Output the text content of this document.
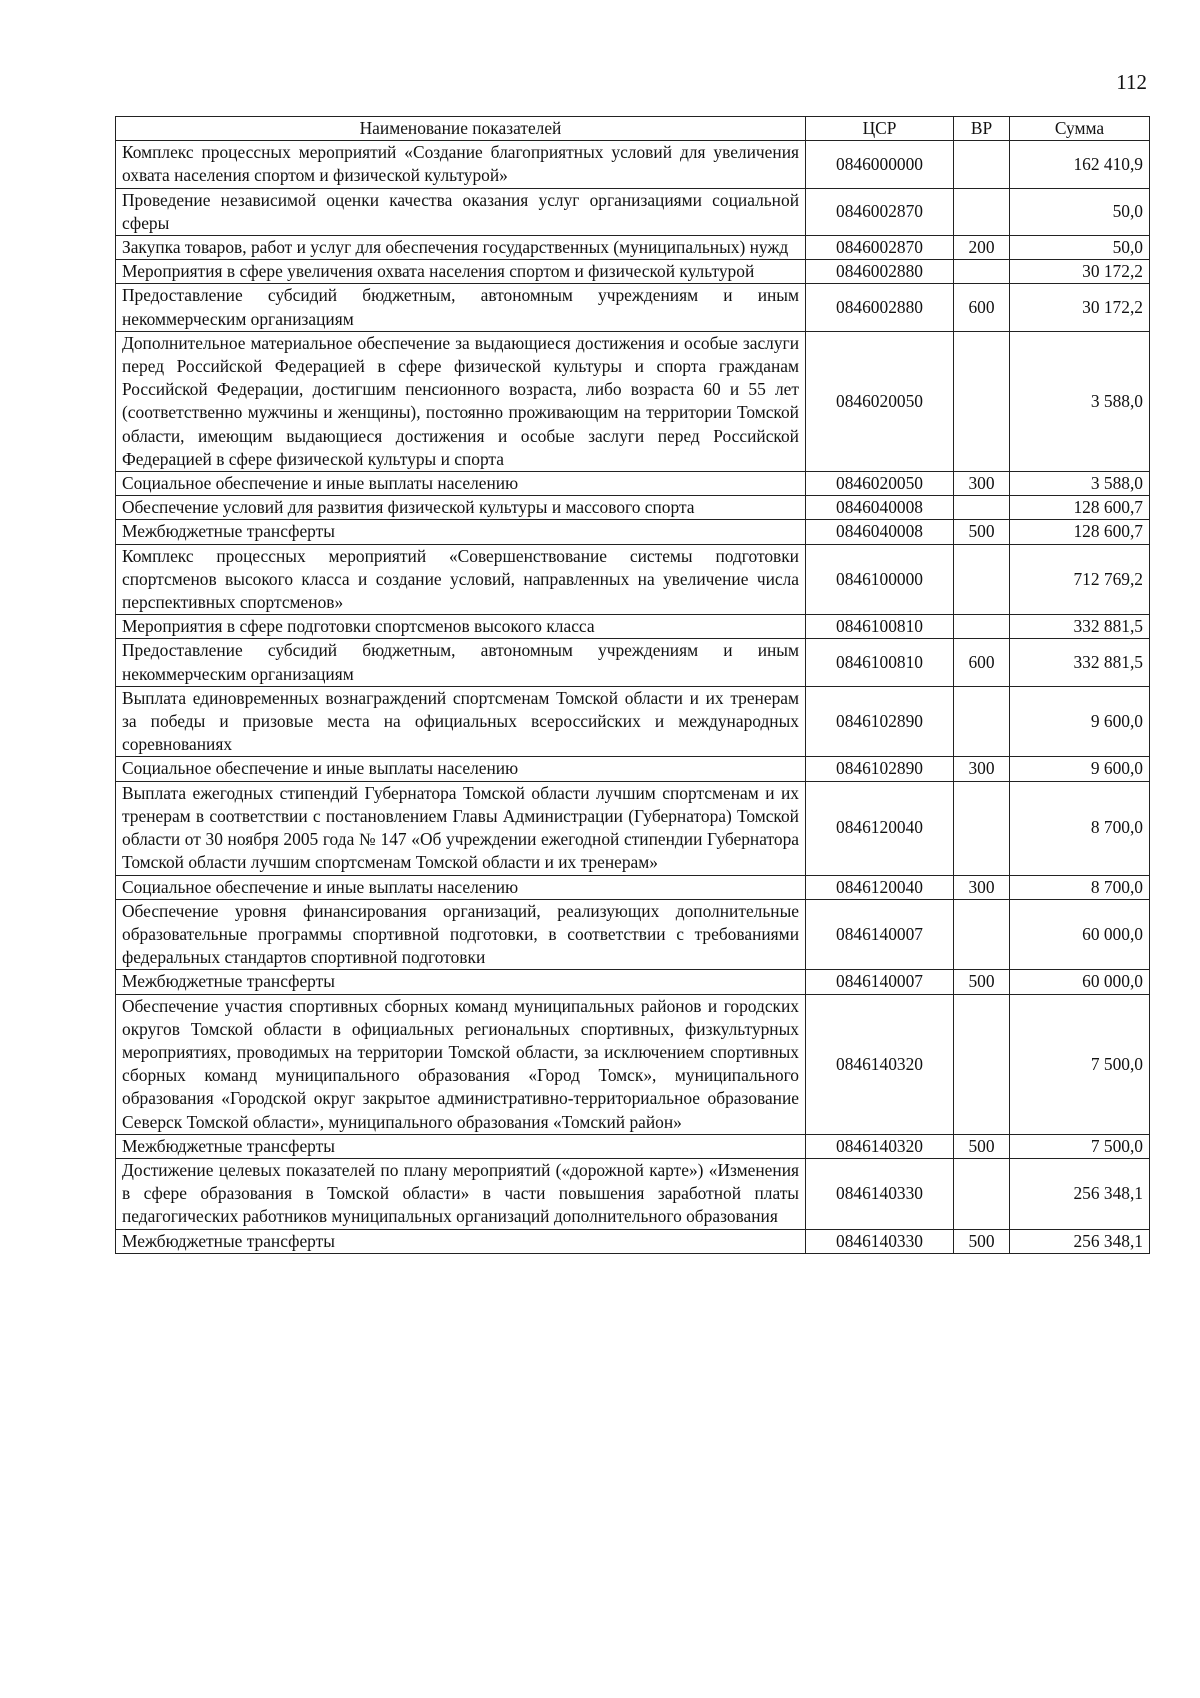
112
Наименование показателей	ЦСР	ВР	Сумма
Комплекс процессных мероприятий «Создание благоприятных условий для увеличения охвата населения спортом и физической культурой»	0846000000		162 410,9
Проведение независимой оценки качества оказания услуг организациями социальной сферы	0846002870		50,0
Закупка товаров, работ и услуг для обеспечения государственных (муниципальных) нужд	0846002870	200	50,0
Мероприятия в сфере увеличения охвата населения спортом и физической культурой	0846002880		30 172,2
Предоставление субсидий бюджетным, автономным учреждениям и иным некоммерческим организациям	0846002880	600	30 172,2
Дополнительное материальное обеспечение за выдающиеся достижения и особые заслуги перед Российской Федерацией в сфере физической культуры и спорта гражданам Российской Федерации, достигшим пенсионного возраста, либо возраста 60 и 55 лет (соответственно мужчины и женщины), постоянно проживающим на территории Томской области, имеющим выдающиеся достижения и особые заслуги перед Российской Федерацией в сфере физической культуры и спорта	0846020050		3 588,0
Социальное обеспечение и иные выплаты населению	0846020050	300	3 588,0
Обеспечение условий для развития физической культуры и массового спорта	0846040008		128 600,7
Межбюджетные трансферты	0846040008	500	128 600,7
Комплекс процессных мероприятий «Совершенствование системы подготовки спортсменов высокого класса и создание условий, направленных на увеличение числа перспективных спортсменов»	0846100000		712 769,2
Мероприятия в сфере подготовки спортсменов высокого класса	0846100810		332 881,5
Предоставление субсидий бюджетным, автономным учреждениям и иным некоммерческим организациям	0846100810	600	332 881,5
Выплата единовременных вознаграждений спортсменам Томской области и их тренерам за победы и призовые места на официальных всероссийских и международных соревнованиях	0846102890		9 600,0
Социальное обеспечение и иные выплаты населению	0846102890	300	9 600,0
Выплата ежегодных стипендий Губернатора Томской области лучшим спортсменам и их тренерам в соответствии с постановлением Главы Администрации (Губернатора) Томской области от 30 ноября 2005 года № 147 «Об учреждении ежегодной стипендии Губернатора Томской области лучшим спортсменам Томской области и их тренерам»	0846120040		8 700,0
Социальное обеспечение и иные выплаты населению	0846120040	300	8 700,0
Обеспечение уровня финансирования организаций, реализующих дополнительные образовательные программы спортивной подготовки, в соответствии с требованиями федеральных стандартов спортивной подготовки	0846140007		60 000,0
Межбюджетные трансферты	0846140007	500	60 000,0
Обеспечение участия спортивных сборных команд муниципальных районов и городских округов Томской области в официальных региональных спортивных, физкультурных мероприятиях, проводимых на территории Томской области, за исключением спортивных сборных команд муниципального образования «Город Томск», муниципального образования «Городской округ закрытое административно-территориальное образование Северск Томской области», муниципального образования «Томский район»	0846140320		7 500,0
Межбюджетные трансферты	0846140320	500	7 500,0
Достижение целевых показателей по плану мероприятий («дорожной карте») «Изменения в сфере образования в Томской области» в части повышения заработной платы педагогических работников муниципальных организаций дополнительного образования	0846140330		256 348,1
Межбюджетные трансферты	0846140330	500	256 348,1
